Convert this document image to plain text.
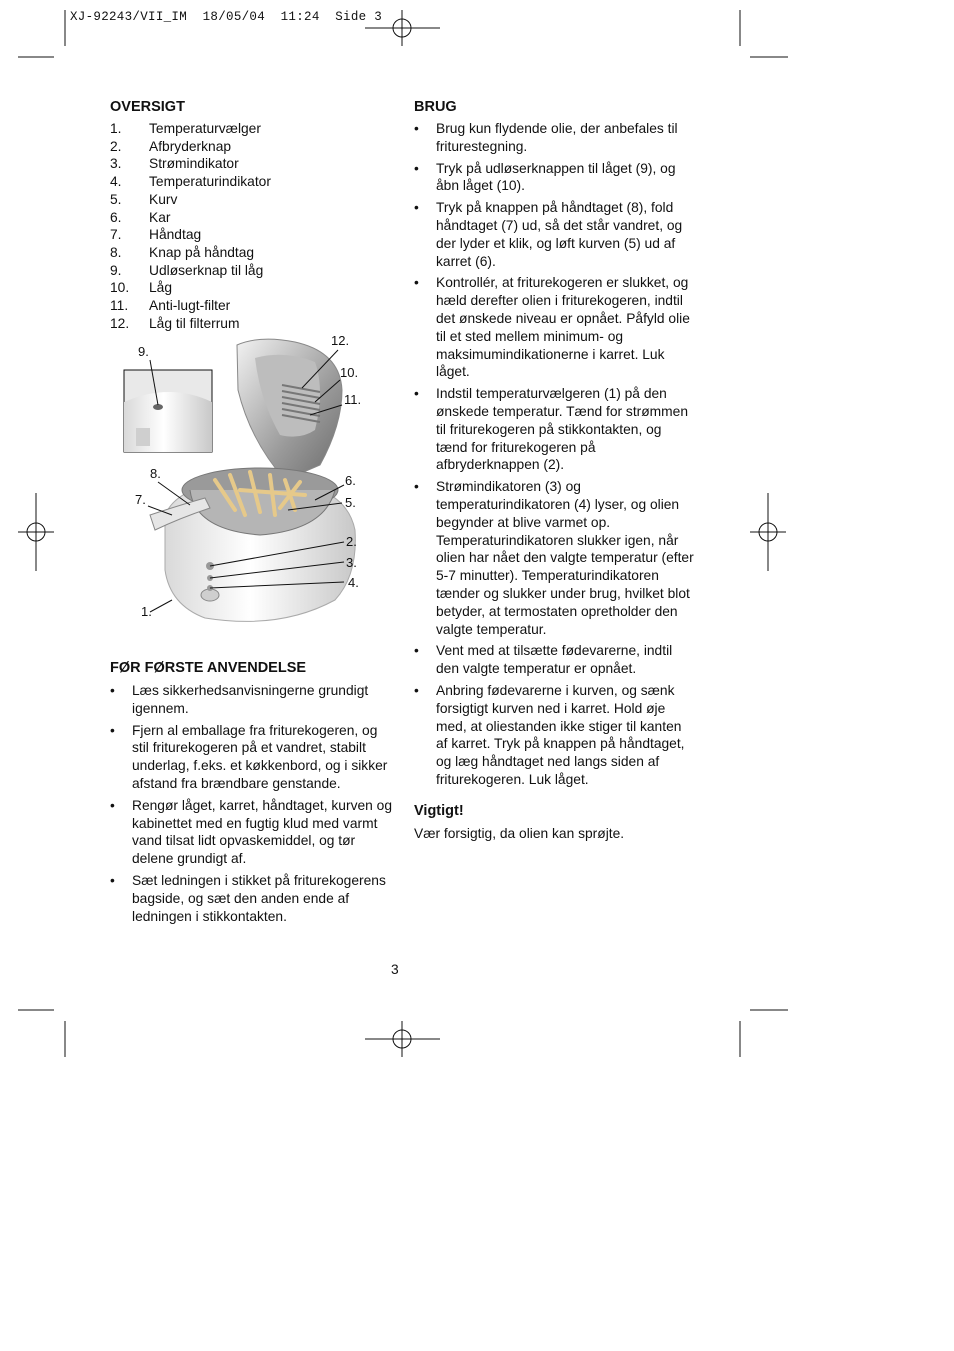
XJ-92243/VII_IM  18/05/04  11:24  Side 3
OVERSIGT
1.	Temperaturvælger
2.	Afbryderknap
3.	Strømindikator
4.	Temperaturindikator
5.	Kurv
6.	Kar
7.	Håndtag
8.	Knap på håndtag
9.	Udløserknap til låg
10.	Låg
11.	Anti-lugt-filter
12.	Låg til filterrum
1.
2.
3.
4.
5.
6.
7.
8.
9.
10.
11.
12.
FØR FØRSTE ANVENDELSE
• Læs sikkerhedsanvisningerne grundigt igennem.
• Fjern al emballage fra friturekogeren, og stil friturekogeren på et vandret, stabilt underlag, f.eks. et køkkenbord, og i sikker afstand fra brændbare genstande.
• Rengør låget, karret, håndtaget, kurven og kabinettet med en fugtig klud med varmt vand tilsat lidt opvaskemiddel, og tør delene grundigt af.
• Sæt ledningen i stikket på friturekogerens bagside, og sæt den anden ende af ledningen i stikkontakten.
BRUG
• Brug kun flydende olie, der anbefales til friturestegning.
• Tryk på udløserknappen til låget (9), og åbn låget (10).
• Tryk på knappen på håndtaget (8), fold håndtaget (7) ud, så det står vandret, og der lyder et klik, og løft kurven (5) ud af karret (6).
• Kontrollér, at friturekogeren er slukket, og hæld derefter olien i friturekogeren, indtil det ønskede niveau er opnået. Påfyld olie til et sted mellem minimum- og maksimumindikationerne i karret. Luk låget.
• Indstil temperaturvælgeren (1) på den ønskede temperatur. Tænd for strømmen til friturekogeren på stikkontakten, og tænd for friturekogeren på afbryderknappen (2).
• Strømindikatoren (3) og temperaturindikatoren (4) lyser, og olien begynder at blive varmet op. Temperaturindikatoren slukker igen, når olien har nået den valgte temperatur (efter 5-7 minutter). Temperaturindikatoren tænder og slukker under brug, hvilket blot betyder, at termostaten opretholder den valgte temperatur.
• Vent med at tilsætte fødevarerne, indtil den valgte temperatur er opnået.
• Anbring fødevarerne i kurven, og sænk forsigtigt kurven ned i karret. Hold øje med, at oliestanden ikke stiger til kanten af karret. Tryk på knappen på håndtaget, og læg håndtaget ned langs siden af friturekogeren. Luk låget.
Vigtigt!

Vær forsigtig, da olien kan sprøjte.

3
